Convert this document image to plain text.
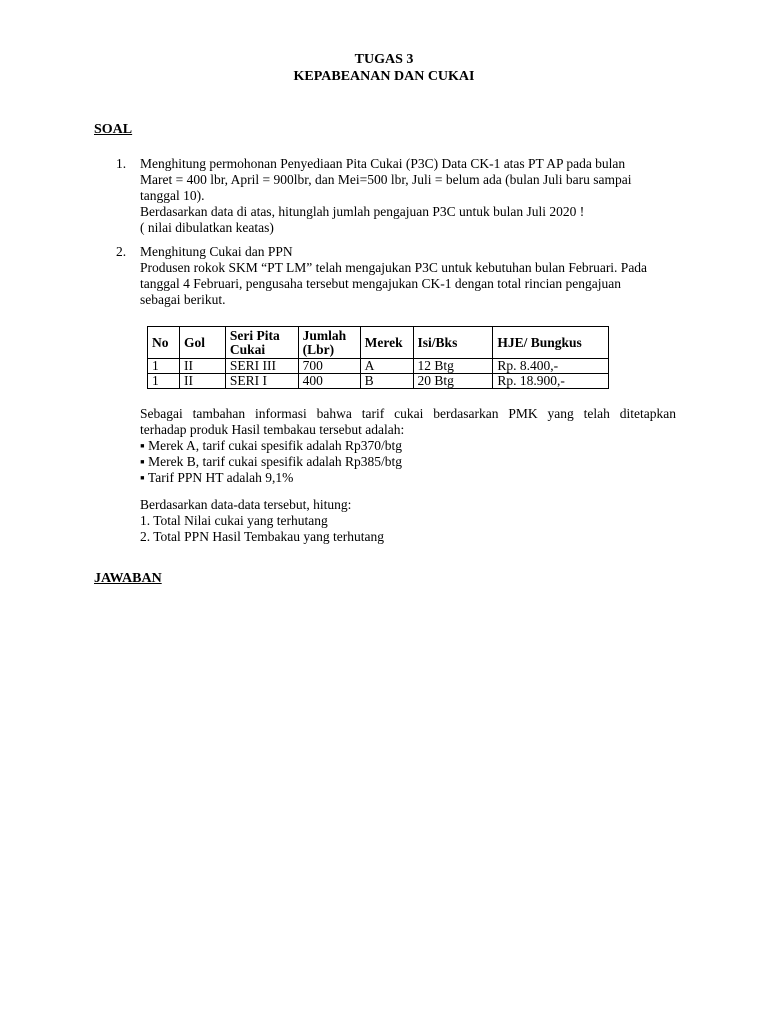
TUGAS 3
KEPABEANAN DAN CUKAI
SOAL
1. Menghitung permohonan Penyediaan Pita Cukai (P3C) Data CK-1 atas PT AP pada bulan
Maret = 400 lbr, April = 900lbr, dan Mei=500 lbr, Juli = belum ada (bulan Juli baru sampai
tanggal 10).
Berdasarkan data di atas, hitunglah jumlah pengajuan P3C untuk bulan Juli 2020 !
( nilai dibulatkan keatas)
2. Menghitung Cukai dan PPN
Produsen rokok SKM “PT LM” telah mengajukan P3C untuk kebutuhan bulan Februari. Pada
tanggal 4 Februari, pengusaha tersebut mengajukan CK-1 dengan total rincian pengajuan
sebagai berikut.
No	Gol	Seri Pita Cukai	Jumlah (Lbr)	Merek	Isi/Bks	HJE/ Bungkus
1	II	SERI III	700	A	12 Btg	Rp. 8.400,-
1	II	SERI I	400	B	20 Btg	Rp. 18.900,-
Sebagai tambahan informasi bahwa tarif cukai berdasarkan PMK yang telah ditetapkan
terhadap produk Hasil tembakau tersebut adalah:
▪ Merek A, tarif cukai spesifik adalah Rp370/btg
▪ Merek B, tarif cukai spesifik adalah Rp385/btg
▪ Tarif PPN HT adalah 9,1%
Berdasarkan data-data tersebut, hitung:
1. Total Nilai cukai yang terhutang
2. Total PPN Hasil Tembakau yang terhutang
JAWABAN
